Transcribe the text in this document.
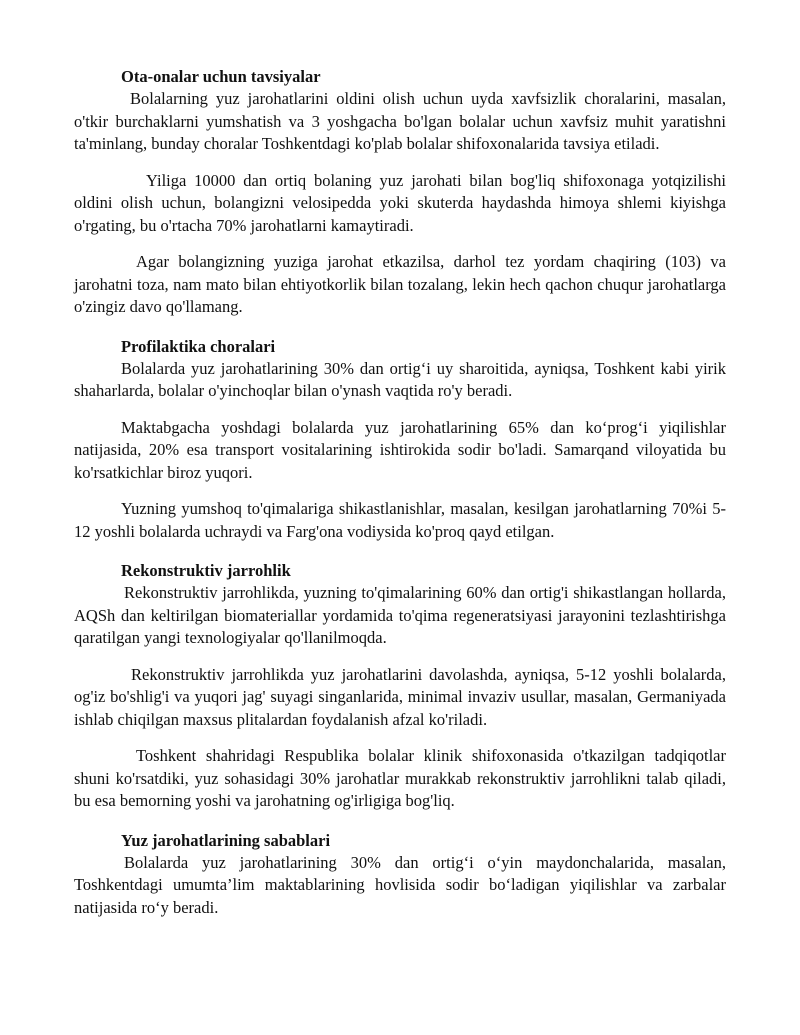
Ota-onalar uchun tavsiyalar

Bolalarning yuz jarohatlarini oldini olish uchun uyda xavfsizlik choralarini, masalan, o'tkir burchaklarni yumshatish va 3 yoshgacha bo'lgan bolalar uchun xavfsiz muhit yaratishni ta'minlang, bunday choralar Toshkentdagi ko'plab bolalar shifoxonalarida tavsiya etiladi.

Yiliga 10000 dan ortiq bolaning yuz jarohati bilan bog'liq shifoxonaga yotqizilishi oldini olish uchun, bolangizni velosipedda yoki skuterda haydashda himoya shlemi kiyishga o'rgating, bu o'rtacha 70% jarohatlarni kamaytiradi.

Agar bolangizning yuziga jarohat etkazilsa, darhol tez yordam chaqiring (103) va jarohatni toza, nam mato bilan ehtiyotkorlik bilan tozalang, lekin hech qachon chuqur jarohatlarga o'zingiz davo qo'llamang.

Profilaktika choralari

Bolalarda yuz jarohatlarining 30% dan ortig‘i uy sharoitida, ayniqsa, Toshkent kabi yirik shaharlarda, bolalar o'yinchoqlar bilan o'ynash vaqtida ro'y beradi.

Maktabgacha yoshdagi bolalarda yuz jarohatlarining 65% dan ko‘prog‘i yiqilishlar natijasida, 20% esa transport vositalarining ishtirokida sodir bo'ladi. Samarqand viloyatida bu ko'rsatkichlar biroz yuqori.

Yuzning yumshoq to'qimalariga shikastlanishlar, masalan, kesilgan jarohatlarning 70%i 5-12 yoshli bolalarda uchraydi va Farg'ona vodiysida ko'proq qayd etilgan.

Rekonstruktiv jarrohlik

Rekonstruktiv jarrohlikda, yuzning to'qimalarining 60% dan ortig'i shikastlangan hollarda, AQSh dan keltirilgan biomateriallar yordamida to'qima regeneratsiyasi jarayonini tezlashtirishga qaratilgan yangi texnologiyalar qo'llanilmoqda.

Rekonstruktiv jarrohlikda yuz jarohatlarini davolashda, ayniqsa, 5-12 yoshli bolalarda, og'iz bo'shlig'i va yuqori jag' suyagi singanlarida, minimal invaziv usullar, masalan, Germaniyada ishlab chiqilgan maxsus plitalardan foydalanish afzal ko'riladi.

Toshkent shahridagi Respublika bolalar klinik shifoxonasida o'tkazilgan tadqiqotlar shuni ko'rsatdiki, yuz sohasidagi 30% jarohatlar murakkab rekonstruktiv jarrohlikni talab qiladi, bu esa bemorning yoshi va jarohatning og'irligiga bog'liq.

Yuz jarohatlarining sabablari

Bolalarda yuz jarohatlarining 30% dan ortig‘i o‘yin maydonchalarida, masalan, Toshkentdagi umumta’lim maktablarining hovlisida sodir bo‘ladigan yiqilishlar va zarbalar natijasida ro‘y beradi.
